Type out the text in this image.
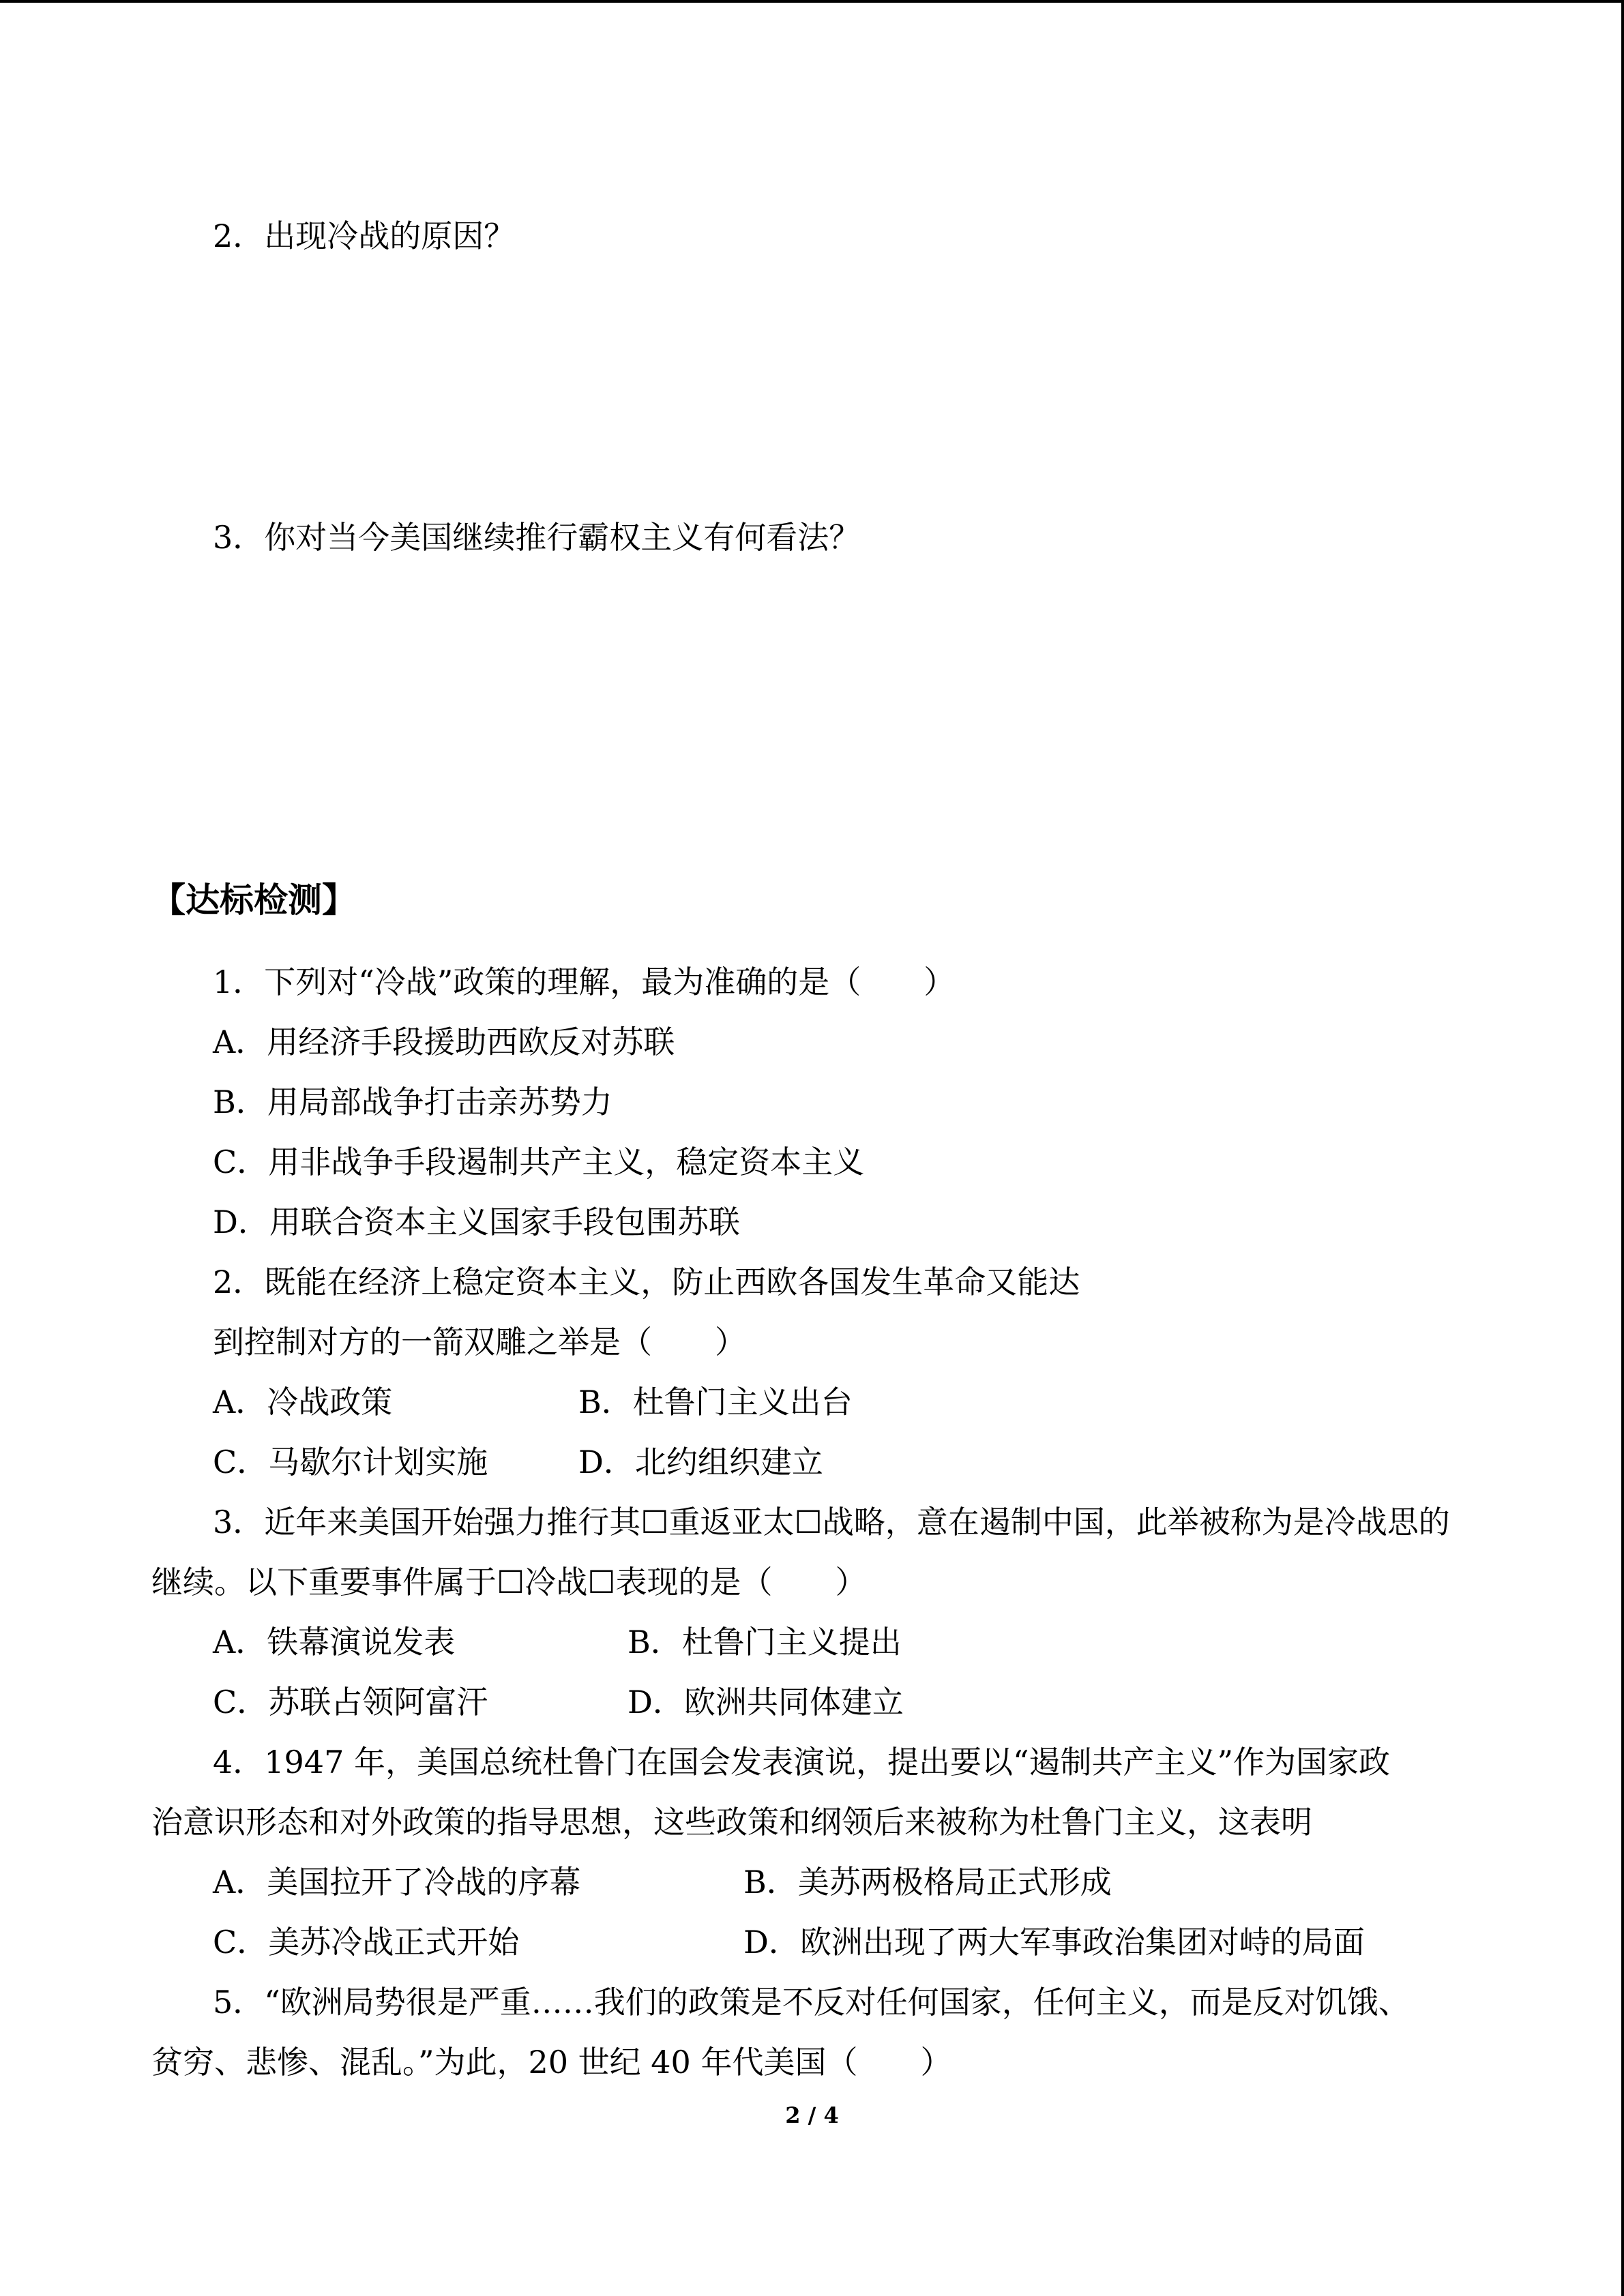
2．出现冷战的原因？
3．你对当今美国继续推行霸权主义有何看法？
【达标检测】
1．下列对“冷战”政策的理解，最为准确的是（　　）
A．用经济手段援助西欧反对苏联
B．用局部战争打击亲苏势力
C．用非战争手段遏制共产主义，稳定资本主义
D．用联合资本主义国家手段包围苏联
2．既能在经济上稳定资本主义，防止西欧各国发生革命又能达
到控制对方的一箭双雕之举是（　　）
A．冷战政策	B．杜鲁门主义出台
C．马歇尔计划实施	D．北约组织建立
3．近年来美国开始强力推行其☐重返亚太☐战略，意在遏制中国，此举被称为是冷战思的
继续。以下重要事件属于☐冷战☐表现的是（　　）
A．铁幕演说发表	B．杜鲁门主义提出
C．苏联占领阿富汗	D．欧洲共同体建立
4．1947 年，美国总统杜鲁门在国会发表演说，提出要以“遏制共产主义”作为国家政
治意识形态和对外政策的指导思想，这些政策和纲领后来被称为杜鲁门主义，这表明
A．美国拉开了冷战的序幕	B．美苏两极格局正式形成
C．美苏冷战正式开始	D．欧洲出现了两大军事政治集团对峙的局面
5．“欧洲局势很是严重……我们的政策是不反对任何国家，任何主义，而是反对饥饿、
贫穷、悲惨、混乱。”为此，20 世纪 40 年代美国（　　）
2 / 4
